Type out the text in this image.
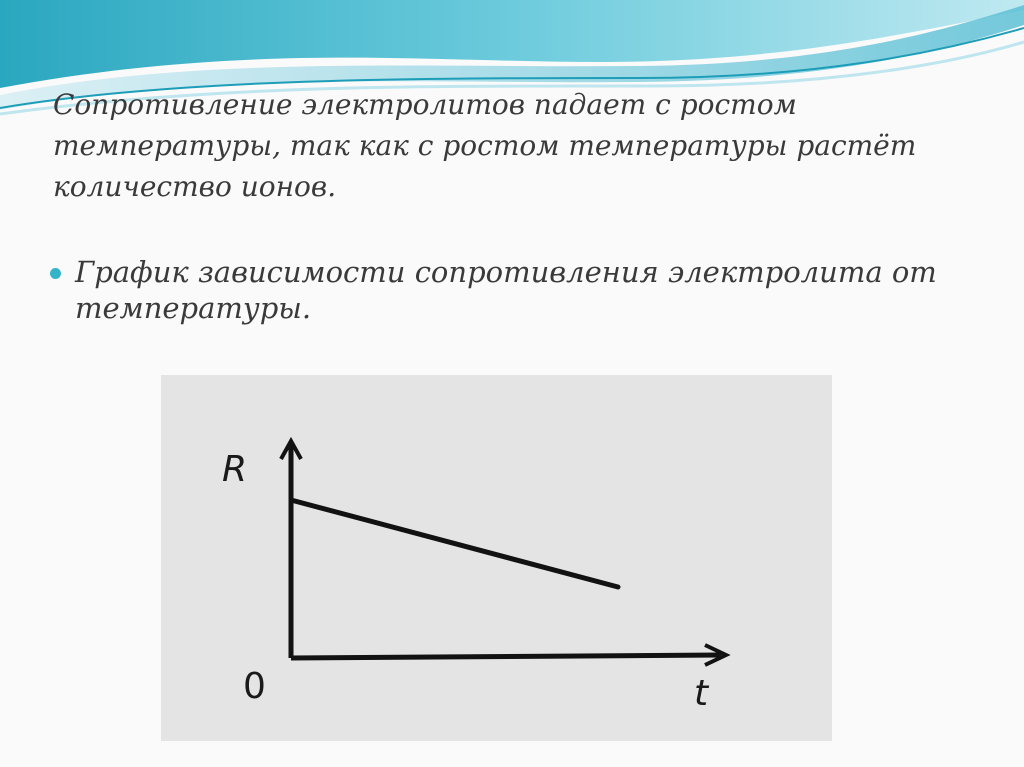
Сопротивление электролитов падает с ростом температуры, так как с ростом температуры растёт количество ионов.

График зависимости сопротивления электролита от температуры.

R
0	t
